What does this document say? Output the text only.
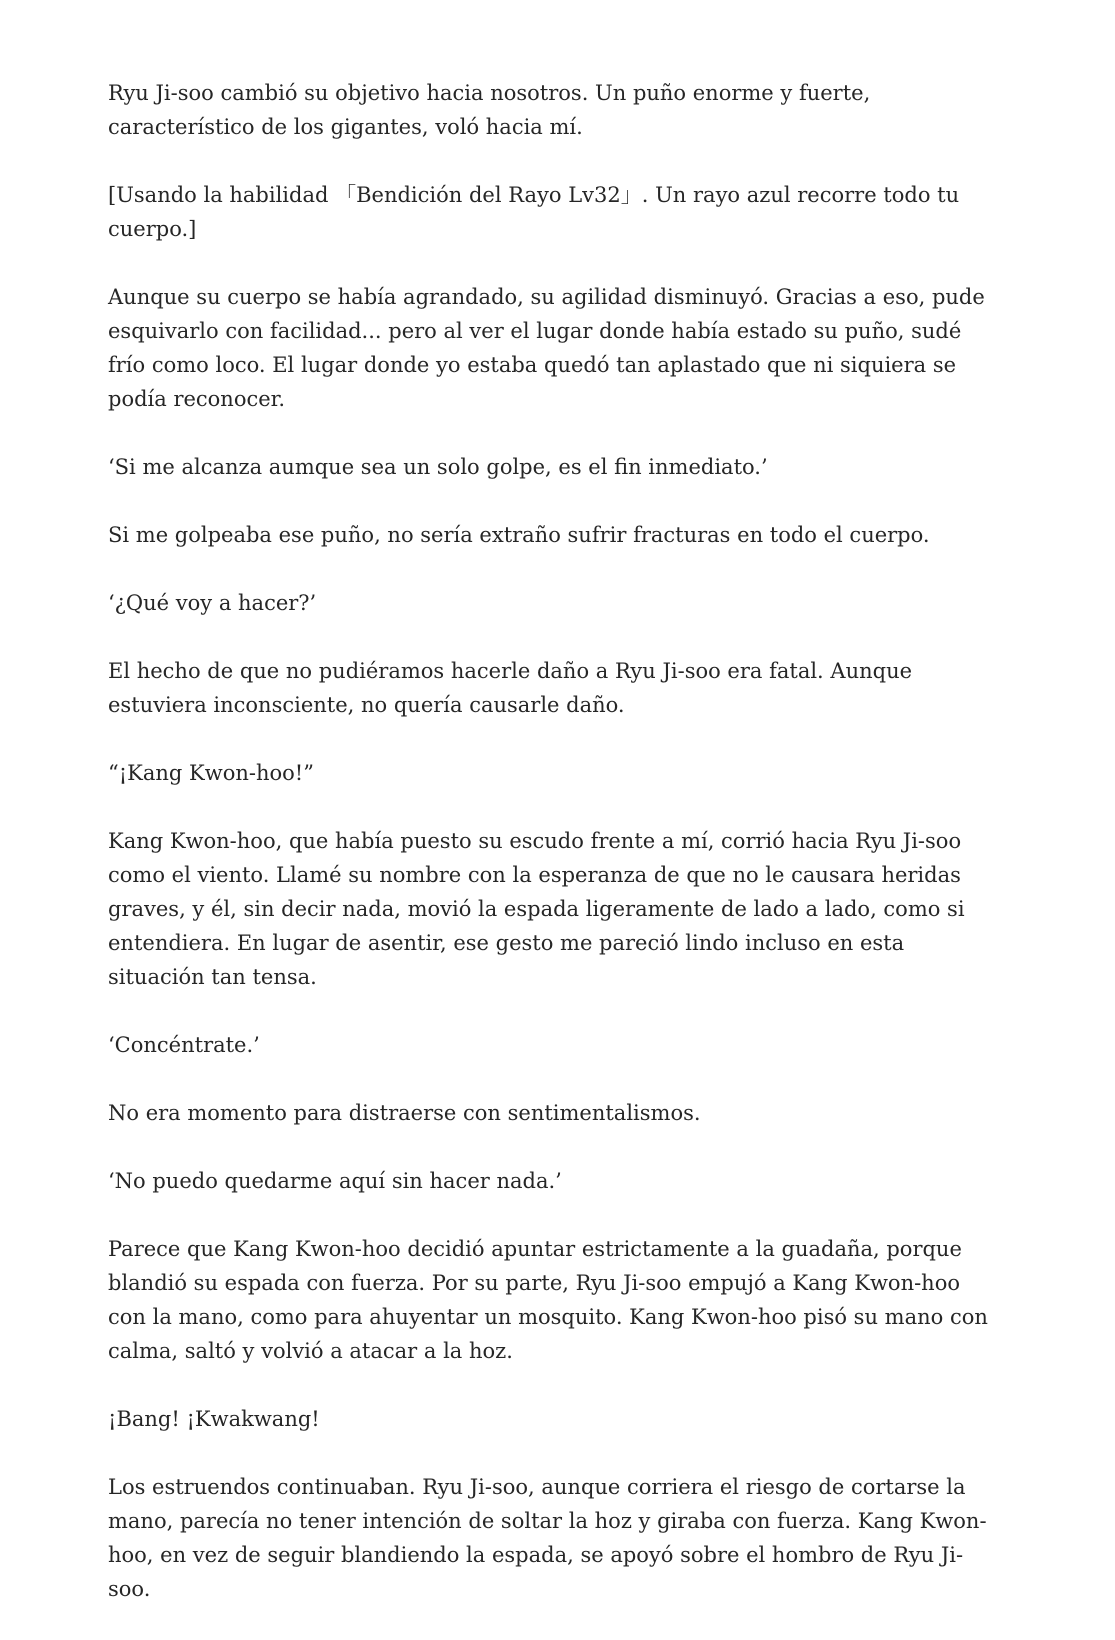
Ryu Ji-soo cambió su objetivo hacia nosotros. Un puño enorme y fuerte, característico de los gigantes, voló hacia mí.

[Usando la habilidad 「Bendición del Rayo Lv32」. Un rayo azul recorre todo tu cuerpo.]

Aunque su cuerpo se había agrandado, su agilidad disminuyó. Gracias a eso, pude esquivarlo con facilidad... pero al ver el lugar donde había estado su puño, sudé frío como loco. El lugar donde yo estaba quedó tan aplastado que ni siquiera se podía reconocer.

‘Si me alcanza aumque sea un solo golpe, es el fin inmediato.’

Si me golpeaba ese puño, no sería extraño sufrir fracturas en todo el cuerpo.

‘¿Qué voy a hacer?’

El hecho de que no pudiéramos hacerle daño a Ryu Ji-soo era fatal. Aunque estuviera inconsciente, no quería causarle daño.

“¡Kang Kwon-hoo!”

Kang Kwon-hoo, que había puesto su escudo frente a mí, corrió hacia Ryu Ji-soo como el viento. Llamé su nombre con la esperanza de que no le causara heridas graves, y él, sin decir nada, movió la espada ligeramente de lado a lado, como si entendiera. En lugar de asentir, ese gesto me pareció lindo incluso en esta situación tan tensa.

‘Concéntrate.’

No era momento para distraerse con sentimentalismos.

‘No puedo quedarme aquí sin hacer nada.’

Parece que Kang Kwon-hoo decidió apuntar estrictamente a la guadaña, porque blandió su espada con fuerza. Por su parte, Ryu Ji-soo empujó a Kang Kwon-hoo con la mano, como para ahuyentar un mosquito. Kang Kwon-hoo pisó su mano con calma, saltó y volvió a atacar a la hoz.

¡Bang! ¡Kwakwang!

Los estruendos continuaban. Ryu Ji-soo, aunque corriera el riesgo de cortarse la mano, parecía no tener intención de soltar la hoz y giraba con fuerza. Kang Kwon-hoo, en vez de seguir blandiendo la espada, se apoyó sobre el hombro de Ryu Ji-soo.
